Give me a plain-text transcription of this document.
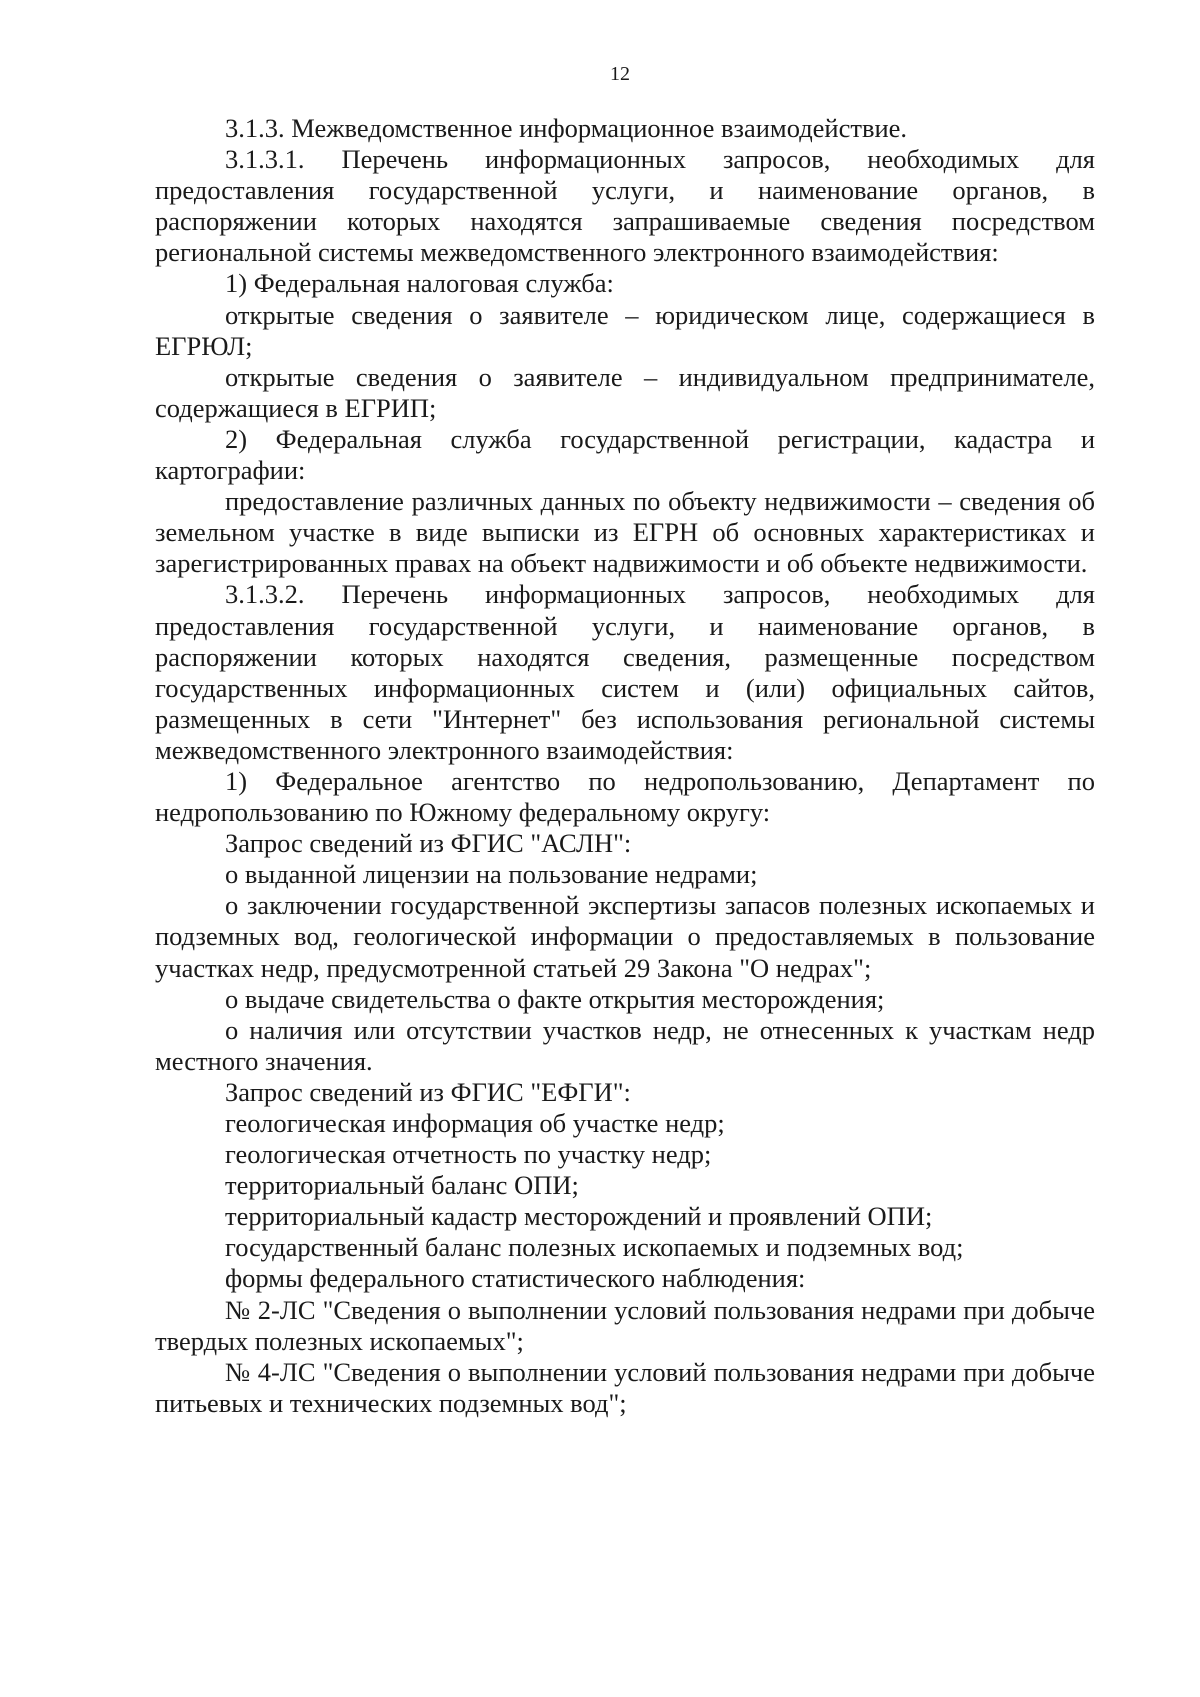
12

3.1.3. Межведомственное информационное взаимодействие.

3.1.3.1. Перечень информационных запросов, необходимых для предоставления государственной услуги, и наименование органов, в распоряжении которых находятся запрашиваемые сведения посредством региональной системы межведомственного электронного взаимодействия:

1) Федеральная налоговая служба:

открытые сведения о заявителе – юридическом лице, содержащиеся в ЕГРЮЛ;

открытые сведения о заявителе – индивидуальном предпринимателе, содержащиеся в ЕГРИП;

2) Федеральная служба государственной регистрации, кадастра и картографии:

предоставление различных данных по объекту недвижимости – сведения об земельном участке в виде выписки из ЕГРН об основных характеристиках и зарегистрированных правах на объект надвижимости и об объекте недвижимости.

3.1.3.2. Перечень информационных запросов, необходимых для предоставления государственной услуги, и наименование органов, в распоряжении которых находятся сведения, размещенные посредством государственных информационных систем и (или) официальных сайтов, размещенных в сети "Интернет" без использования региональной системы межведомственного электронного взаимодействия:

1) Федеральное агентство по недропользованию, Департамент по недропользованию по Южному федеральному округу:

Запрос сведений из ФГИС "АСЛН":

о выданной лицензии на пользование недрами;

о заключении государственной экспертизы запасов полезных ископаемых и подземных вод, геологической информации о предоставляемых в пользование участках недр, предусмотренной статьей 29 Закона "О недрах";

о выдаче свидетельства о факте открытия месторождения;

о наличия или отсутствии участков недр, не отнесенных к участкам недр местного значения.

Запрос сведений из ФГИС "ЕФГИ":

геологическая информация об участке недр;

геологическая отчетность по участку недр;

территориальный баланс ОПИ;

территориальный кадастр месторождений и проявлений ОПИ;

государственный баланс полезных ископаемых и подземных вод;

формы федерального статистического наблюдения:

№ 2-ЛС "Сведения о выполнении условий пользования недрами при добыче твердых полезных ископаемых";

№ 4-ЛС "Сведения о выполнении условий пользования недрами при добыче питьевых и технических подземных вод";
